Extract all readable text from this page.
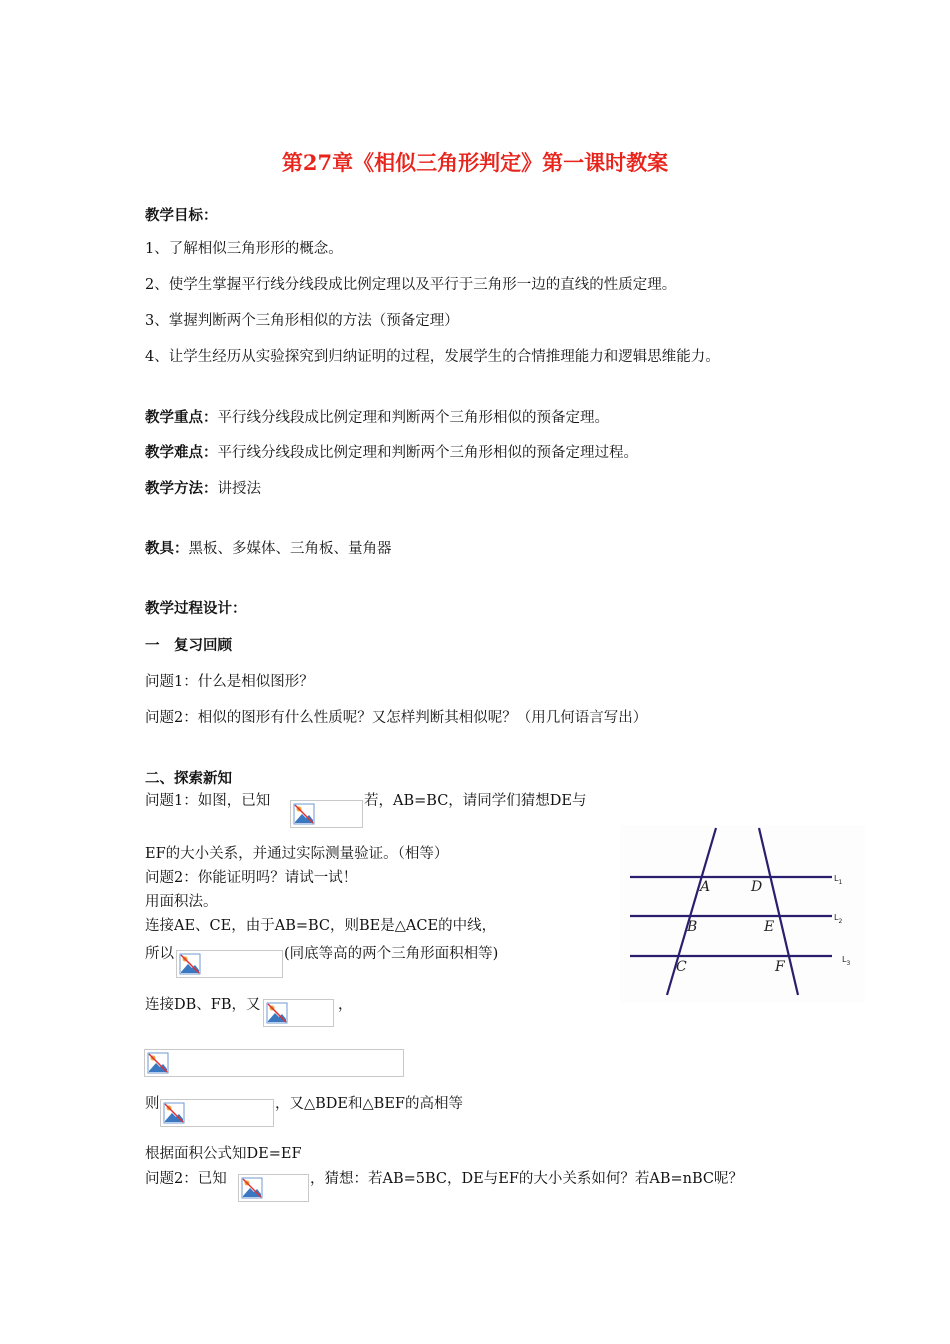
第27章《相似三角形判定》第一课时教案
教学目标：
1、了解相似三角形形的概念。
2、使学生掌握平行线分线段成比例定理以及平行于三角形一边的直线的性质定理。
3、掌握判断两个三角形相似的方法（预备定理）
4、让学生经历从实验探究到归纳证明的过程，发展学生的合情推理能力和逻辑思维能力。
教学重点：平行线分线段成比例定理和判断两个三角形相似的预备定理。
教学难点：平行线分线段成比例定理和判断两个三角形相似的预备定理过程。
教学方法：讲授法
教具：黑板、多媒体、三角板、量角器
教学过程设计：
一　复习回顾
问题1：什么是相似图形？
问题2：相似的图形有什么性质呢？又怎样判断其相似呢？（用几何语言写出）
二、探索新知
问题1：如图，已知	若，AB=BC，请同学们猜想DE与
EF的大小关系，并通过实际测量验证。（相等）
问题2：你能证明吗？请试一试！
用面积法。
连接AE、CE，由于AB=BC，则BE是△ACE的中线，
所以	(同底等高的两个三角形面积相等)
连接DB、FB，又	，
则	，又△BDE和△BEF的高相等
根据面积公式知DE=EF
问题2：已知	，猜想：若AB=5BC，DE与EF的大小关系如何？若AB=nBC呢？
A	D
B	E
C	F
$L_1$
$L_2$
$L_3$
